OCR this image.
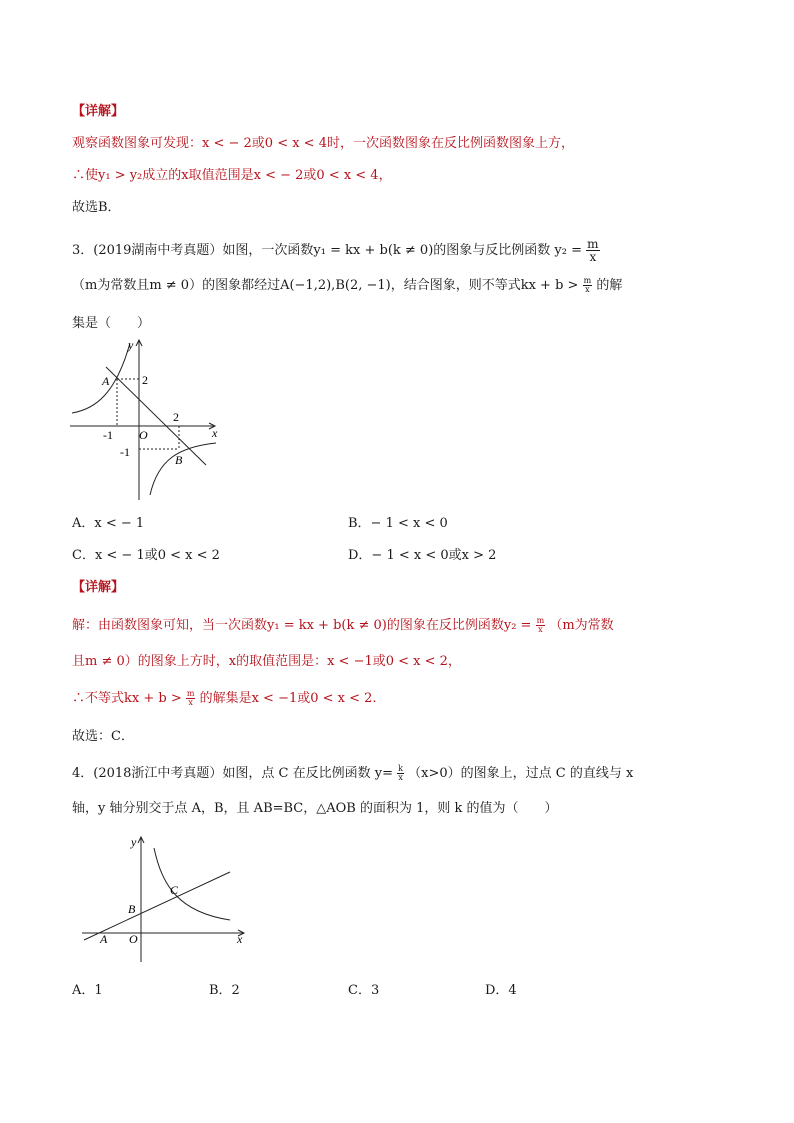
【详解】
观察函数图象可发现：x < − 2或0 < x < 4时，一次函数图象在反比例函数图象上方，
∴使y₁ > y₂成立的x取值范围是x < − 2或0 < x < 4，
故选B．
3．(2019湖南中考真题）如图，一次函数y₁ = kx + b(k ≠ 0)的图象与反比例函数 $y_2 = \frac{m}{x}$
（m为常数且m ≠ 0）的图象都经过A(−1,2),B(2, −1)，结合图象，则不等式kx + $b > \frac{m}{x}$ 的解
集是（　　）
y
x
A
B
O
2
2
-1
-1
A．x < − 1	B．− 1 < x < 0
C．x < − 1或0 < x < 2	D．− 1 < x < 0或x > 2
【详解】
解：由函数图象可知，当一次函数y₁ = kx + b(k ≠ 0)的图象在反比例函数$y_2 = \frac{m}{x} (m$为常数
且m ≠ 0）的图象上方时，x的取值范围是：x < −1或0 < x < 2，
∴不等式kx + $b > \frac{m}{x}$ 的解集是x < −1或0 < x < 2.
故选：C．
4．(2018浙江中考真题）如图，点 C 在反比例函数 $y= \frac{k}{x} (x>0)$的图象上，过点 C 的直线与 x
轴，y 轴分别交于点 A，B，且 AB=BC，△AOB 的面积为 1，则 k 的值为（　　）
y
x
A
B
C
O
A．1	B．2	C．3	D．4
